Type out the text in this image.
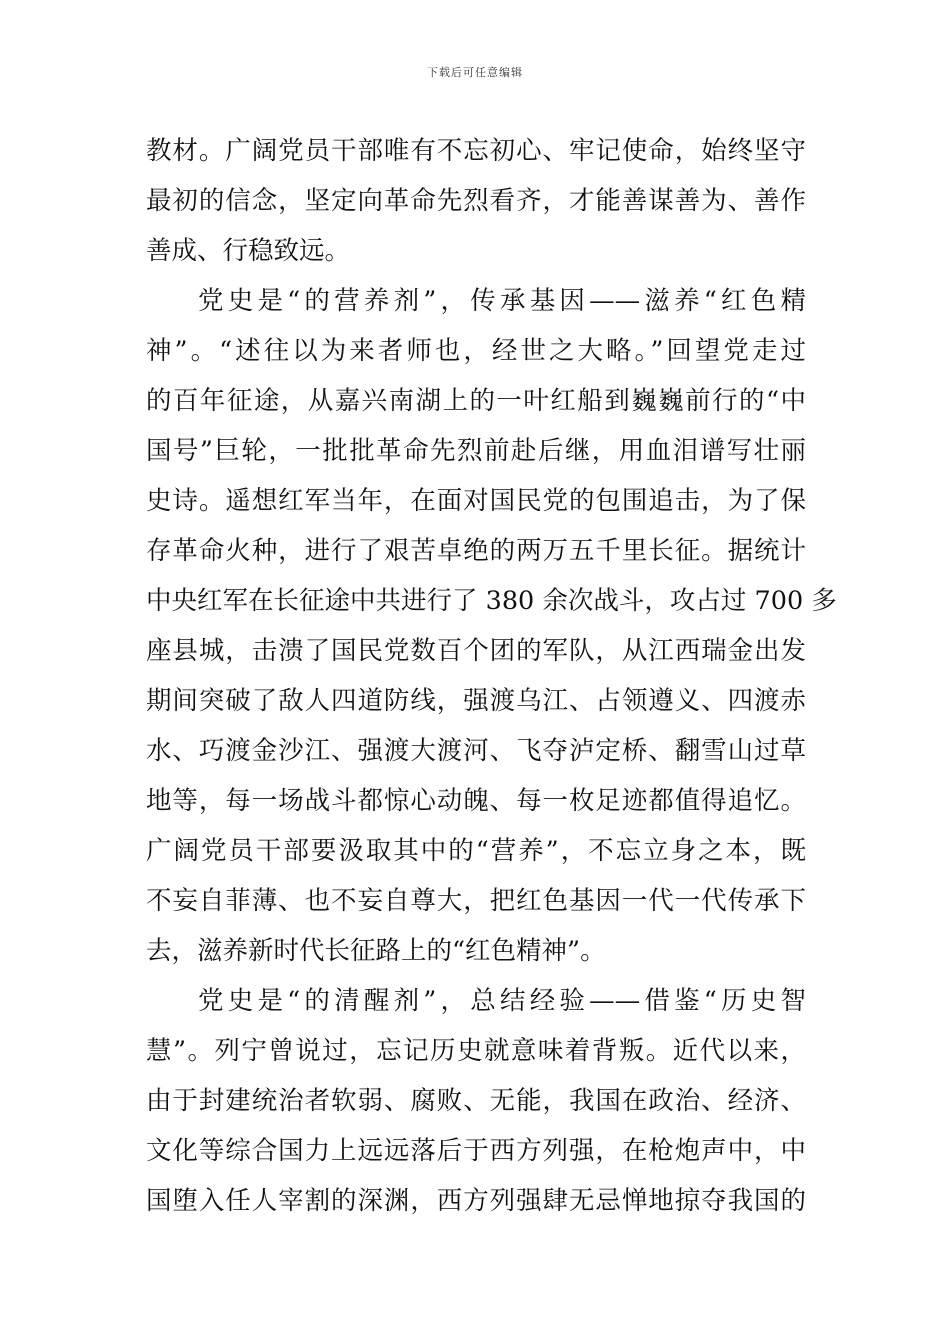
下载后可任意编辑
教材。广阔党员干部唯有不忘初心、牢记使命，始终坚守
最初的信念，坚定向革命先烈看齐，才能善谋善为、善作
善成、行稳致远。
党史是“的营养剂”，传承基因——滋养“红色精
神”。“述往以为来者师也，经世之大略。”回望党走过
的百年征途，从嘉兴南湖上的一叶红船到巍巍前行的“中
国号”巨轮，一批批革命先烈前赴后继，用血泪谱写壮丽
史诗。遥想红军当年，在面对国民党的包围追击，为了保
存革命火种，进行了艰苦卓绝的两万五千里长征。据统计
中央红军在长征途中共进行了 380 余次战斗，攻占过 700 多
座县城，击溃了国民党数百个团的军队，从江西瑞金出发
期间突破了敌人四道防线，强渡乌江、占领遵义、四渡赤
水、巧渡金沙江、强渡大渡河、飞夺泸定桥、翻雪山过草
地等，每一场战斗都惊心动魄、每一枚足迹都值得追忆。
广阔党员干部要汲取其中的“营养”，不忘立身之本，既
不妄自菲薄、也不妄自尊大，把红色基因一代一代传承下
去，滋养新时代长征路上的“红色精神”。
党史是“的清醒剂”，总结经验——借鉴“历史智
慧”。列宁曾说过，忘记历史就意味着背叛。近代以来，
由于封建统治者软弱、腐败、无能，我国在政治、经济、
文化等综合国力上远远落后于西方列强，在枪炮声中，中
国堕入任人宰割的深渊，西方列强肆无忌惮地掠夺我国的
